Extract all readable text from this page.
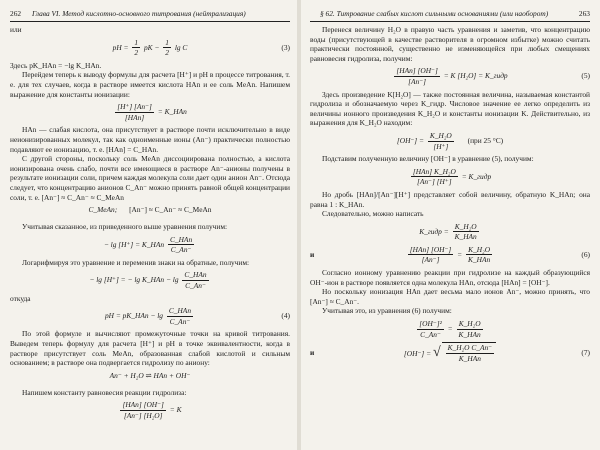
262 Глава VI. Метод кислотно-основного титрования (нейтрализация)

или

pH = $\frac{1}{2}$ pK − $\frac{1}{2}$ lg C	(3)

Здесь pK_HAn = −lg K_HAn.

Перейдем теперь к выводу формулы для расчета [H⁺] и pH в процессе титрования, т. е. для тех случаев, когда в растворе имеется кислота HAn и ее соль MeAn. Напишем выражение для константы ионизации:

$\frac{[H^+] [An^-]}{\text{[HAn]}}$ = K_HAn

HAn — слабая кислота, она присутствует в растворе почти исключительно в виде неионизированных молекул, так как одноименные ионы (An⁻) практически полностью подавляют ее ионизацию, т. е. [HAn] = C_HAn.

С другой стороны, поскольку соль MeAn диссоциирована полностью, а кислота ионизирована очень слабо, почти все имеющиеся в растворе An⁻-анионы получены в результате ионизации соли, причем каждая молекула соли дает один анион An⁻. Отсюда следует, что концентрацию анионов C_An⁻ можно принять равной общей концентрации соли, т. е. [An⁻] ≈ C_An⁻ ≈ C_MeAn

C_MeAn; [An⁻] ≈ C_An⁻ ≈ C_MeAn

Учитывая сказанное, из приведенного выше уравнения получим:

− lg [H⁺] = K_HAn $\frac{\text{C\_HAn}}{C\_An^-}$

Логарифмируя это уравнение и переменив знаки на обратные, получим:

− lg [H⁺] = − lg K_HAn − $\lg \frac{\text{C\_HAn}}{C\_An^-}$

откуда

pH = pK_HAn − $\lg \frac{\text{C\_HAn}}{C\_An^-}$	(4)

По этой формуле и вычисляют промежуточные точки на кривой титрования. Выведем теперь формулу для расчета [H⁺] и pH в точке эквивалентности, когда в растворе присутствует соль MeAn, образованная слабой кислотой и сильным основанием; в растворе она подвергается гидролизу по аниону:

An⁻ + H₂O ⇌ HAn + OH⁻

Напишем константу равновесия реакции гидролиза:

$\frac{\text{[HAn] [OH⁻]}}{\text{[An⁻] [H₂O]}} = K$
§ 62. Титрование слабых кислот сильными основаниями (или наоборот)	263

Перенеся величину H₂O в правую часть уравнения и заметив, что концентрацию воды (присутствующей в качестве растворителя в огромном избытке) можно считать практически постоянной, существенно не изменяющейся при любых смещениях равновесия гидролиза, получим:

$\frac{\text{[HAn] [OH⁻]}}{[An^-]} = K$ [H₂O] = K_гидр	(5)

Здесь произведение K[H₂O] — также постоянная величина, называемая константой гидролиза и обозначаемую через K_гидр. Числовое значение ее легко определить из величины ионного произведения K_H₂O и константы ионизации K. Действительно, из выражения для K_H₂O находим:

$[OH^-] = \frac{\text{K\_H₂O}}{[H^+]} (при$ 25 °C)

Подставим полученную величину [OH⁻] в уравнение (5), получим:

$\frac{\text{[HAn] K\_H₂O}}{[An^-] [H^+]}$ = K_гидр

Но дробь [HAn]/[An⁻][H⁺] представляет собой величину, обратную K_HAn; она равна 1 : K_HAn.

Следовательно, можно написать

K_гидр = $\frac{\text{K\_H₂O}}{\text{K\_HAn}}$
и	$\frac{\text{[HAn] [OH⁻]}}{[An^-]} = \frac{\text{K\_H₂O}}{\text{K\_HAn}}$	(6)

Согласно ионному уравнению реакции при гидролизе на каждый образующийся OH⁻-ион в растворе появляется одна молекула HAn, отсюда [HAn] = [OH⁻].

Но поскольку ионизация HAn дает весьма мало ионов An⁻, можно принять, что [An⁻] ≈ C_An⁻.

Учитывая это, из уравнения (6) получим:

$\frac{\text{[OH⁻]²}}{C\_An^-} = \frac{\text{K\_H₂O}}{\text{K\_HAn}}$
и	[OH⁻] = √ $\frac{\text{K\_H₂O C\_An⁻}}{\text{K\_HAn}}$	(7)
